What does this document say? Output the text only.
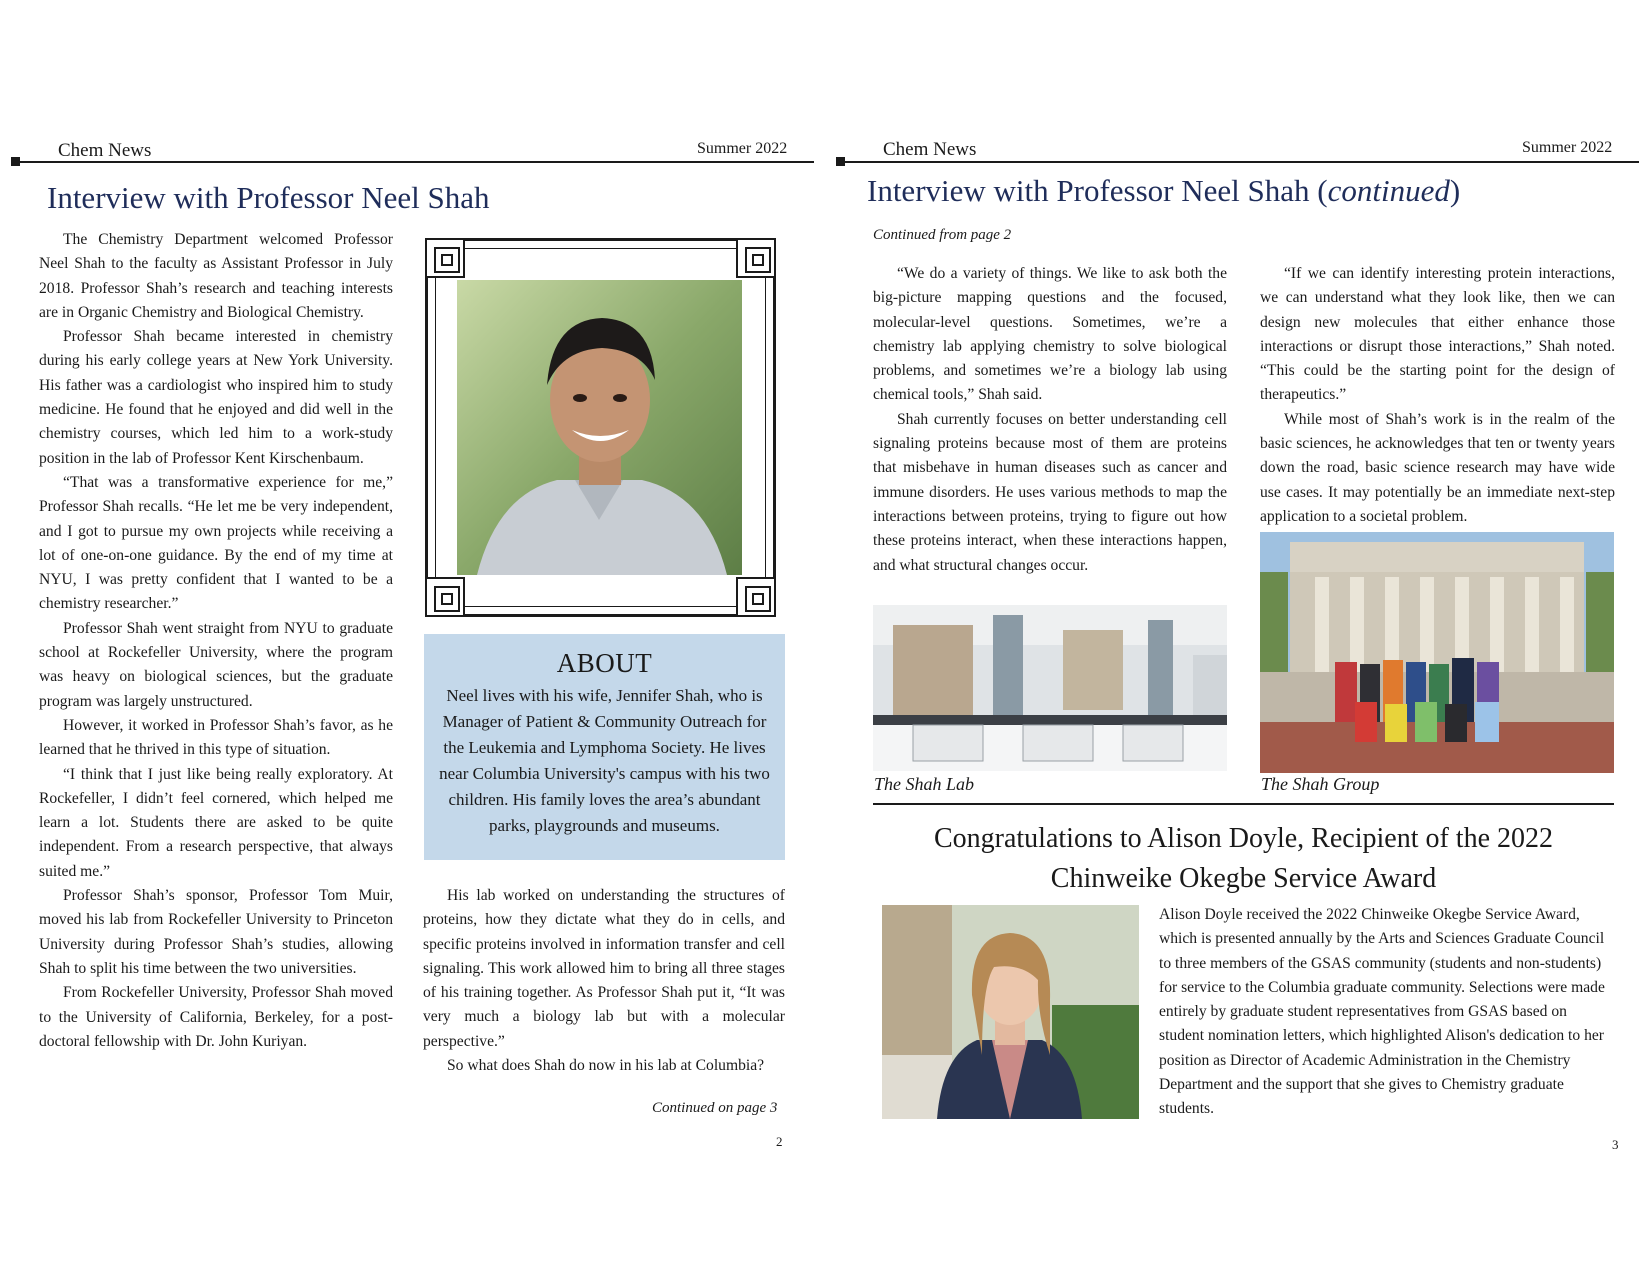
Chem News	Summer 2022
Interview with Professor Neel Shah

The Chemistry Department welcomed Professor Neel Shah to the faculty as Assistant Professor in July 2018. Professor Shah’s research and teaching interests are in Organic Chemistry and Biological Chemistry.

Professor Shah became interested in chemistry during his early college years at New York University. His father was a cardiologist who inspired him to study medicine. He found that he enjoyed and did well in the chemistry courses, which led him to a work-study position in the lab of Professor Kent Kirschenbaum.

“That was a transformative experience for me,” Professor Shah recalls. “He let me be very independent, and I got to pursue my own projects while receiving a lot of one-on-one guidance. By the end of my time at NYU, I was pretty confident that I wanted to be a chemistry researcher.”

Professor Shah went straight from NYU to graduate school at Rockefeller University, where the program was heavy on biological sciences, but the graduate program was largely unstructured.

However, it worked in Professor Shah’s favor, as he learned that he thrived in this type of situation.

“I think that I just like being really exploratory. At Rockefeller, I didn’t feel cornered, which helped me learn a lot. Students there are asked to be quite independent. From a research perspective, that always suited me.”

Professor Shah’s sponsor, Professor Tom Muir, moved his lab from Rockefeller University to Princeton University during Professor Shah’s studies, allowing Shah to split his time between the two universities.

From Rockefeller University, Professor Shah moved to the University of California, Berkeley, for a post-doctoral fellowship with Dr. John Kuriyan.

ABOUT

Neel lives with his wife, Jennifer Shah, who is Manager of Patient & Community Outreach for the Leukemia and Lymphoma Society. He lives near Columbia University's campus with his two children. His family loves the area’s abundant parks, playgrounds and museums.

His lab worked on understanding the structures of proteins, how they dictate what they do in cells, and specific proteins involved in information transfer and cell signaling. This work allowed him to bring all three stages of his training together. As Professor Shah put it, “It was very much a biology lab but with a molecular perspective.”

So what does Shah do now in his lab at Columbia?

Continued on page 3
2
Chem News	Summer 2022
Interview with Professor Neel Shah (continued)
Continued from page 2

“We do a variety of things. We like to ask both the big-picture mapping questions and the focused, molecular-level questions. Sometimes, we’re a chemistry lab applying chemistry to solve biological problems, and sometimes we’re a biology lab using chemical tools,” Shah said.

Shah currently focuses on better understanding cell signaling proteins because most of them are proteins that misbehave in human diseases such as cancer and immune disorders. He uses various methods to map the interactions between proteins, trying to figure out how these proteins interact, when these interactions happen, and what structural changes occur.

“If we can identify interesting protein interactions, we can understand what they look like, then we can design new molecules that either enhance those interactions or disrupt those interactions,” Shah noted. “This could be the starting point for the design of therapeutics.”

While most of Shah’s work is in the realm of the basic sciences, he acknowledges that ten or twenty years down the road, basic science research may have wide use cases. It may potentially be an immediate next-step application to a societal problem.

The Shah Lab	The Shah Group
Congratulations to Alison Doyle, Recipient of the 2022
Chinweike Okegbe Service Award
Alison Doyle received the 2022 Chinweike Okegbe Service Award, which is presented annually by the Arts and Sciences Graduate Council to three members of the GSAS community (students and non-students) for service to the Columbia graduate community. Selections were made entirely by graduate student representatives from GSAS based on student nomination letters, which highlighted Alison's dedication to her position as Director of Academic Administration in the Chemistry Department and the support that she gives to Chemistry graduate students.
3
